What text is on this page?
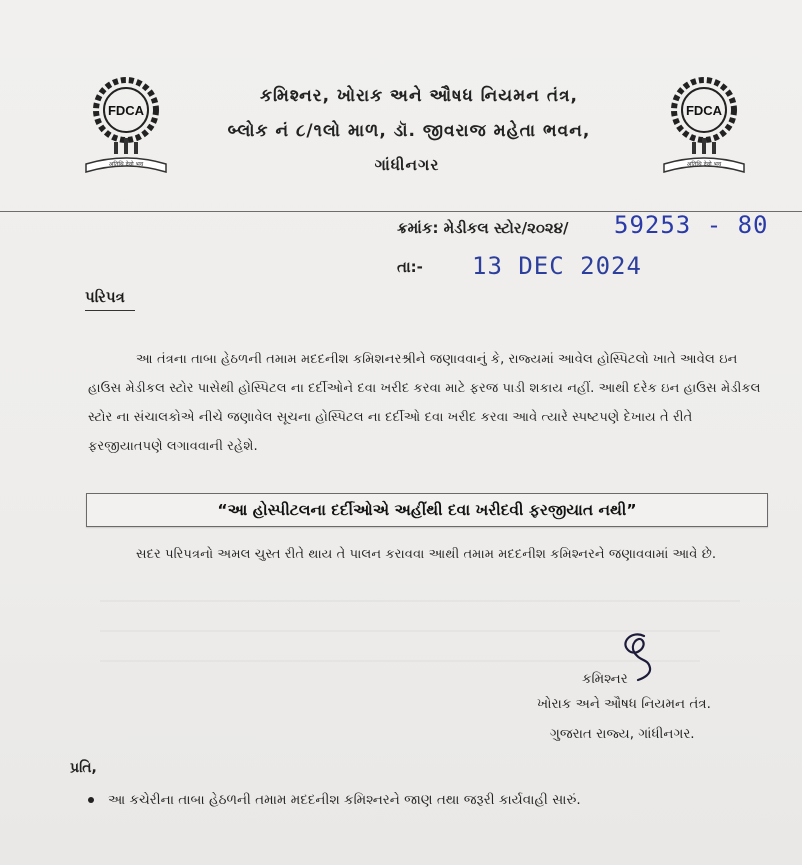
FDCA
अतिथि देवो भव
FDCA
अतिथि देवो भव
કમિશ્નર, ખોરાક અને ઔષધ નિયમન તંત્ર,
બ્લોક નં ૮/૧લો માળ, ડૉ. જીવરાજ મહેતા ભવન,
ગાંધીનગર
ક્રમાંક: મેડીકલ સ્ટોર/૨૦૨૪/ 59253 - 80
તા:- 13 DEC 2024
પરિપત્ર
આ તંત્રના તાબા હેઠળની તમામ મદદનીશ કમિશનરશ્રીને જણાવવાનું કે, રાજ્યમાં આવેલ હોસ્પિટલો ખાતે આવેલ ઇન હાઉસ મેડીકલ સ્ટોર પાસેથી હોસ્પિટલ ના દર્દીઓને દવા ખરીદ કરવા માટે ફરજ પાડી શકાય નહીં. આથી દરેક ઇન હાઉસ મેડીકલ સ્ટોર ના સંચાલકોએ નીચે જણાવેલ સૂચના હોસ્પિટલ ના દર્દીઓ દવા ખરીદ કરવા આવે ત્યારે સ્પષ્ટપણે દેખાય તે રીતે ફરજીયાતપણે લગાવવાની રહેશે.
“આ હોસ્પીટલના દર્દીઓએ અહીંથી દવા ખરીદવી ફરજીયાત નથી”
સદર પરિપત્રનો અમલ ચુસ્ત રીતે થાય તે પાલન કરાવવા આથી તમામ મદદનીશ કમિશ્નરને જણાવવામાં આવે છે.
કમિશ્નર
ખોરાક અને ઔષધ નિયમન તંત્ર.
ગુજરાત રાજ્ય, ગાંધીનગર.
પ્રતિ,
આ કચેરીના તાબા હેઠળની તમામ મદદનીશ કમિશ્નરને જાણ તથા જરૂરી કાર્યવાહી સારું.
